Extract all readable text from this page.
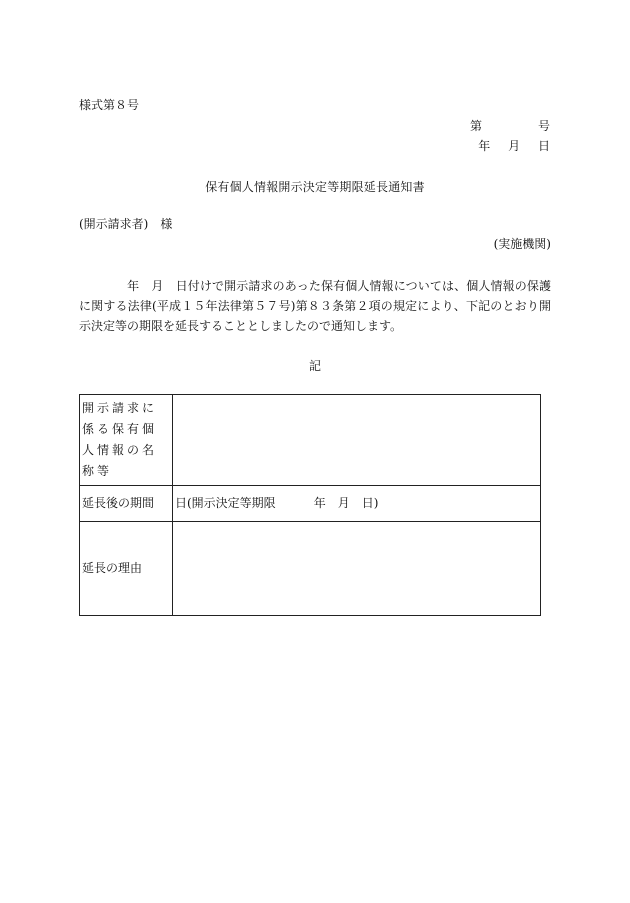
様式第８号
第	号
年 月 日
保有個人情報開示決定等期限延長通知書
(開示請求者)　様
(実施機関)
年　月　日付けで開示請求のあった保有個人情報については、個人情報の保護に関する法律(平成１５年法律第５７号)第８３条第２項の規定により、下記のとおり開示決定等の期限を延長することとしましたので通知します。
記
開示請求に係る保有個人情報の名称等	
延長後の期間	日(開示決定等期限 年 月 日)
延長の理由	
